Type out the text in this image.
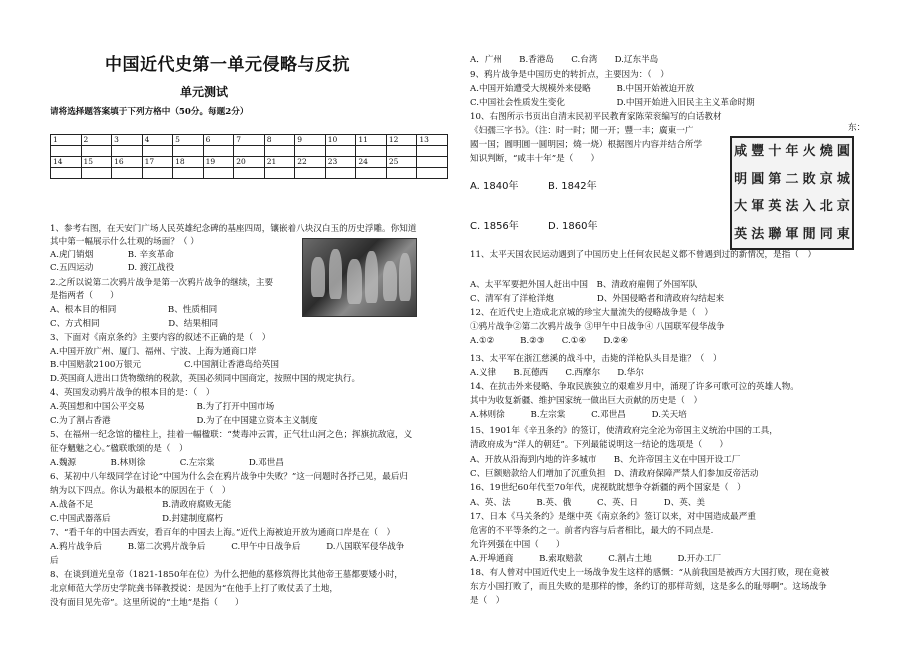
中国近代史第一单元侵略与反抗
单元测试
请将选择题答案填于下列方格中（50分。每题2分）
1	2	3	4	5	6	7	8	9	10	11	12	13

14	15	16	17	18	19	20	21	22	23	24	25	

1、参考右图，在天安门广场人民英雄纪念碑的基座四周，镶嵌着八块汉白玉的历史浮雕。你知道
其中第一幅展示什么壮观的场面？（ ）
A.虎门销烟　　　　B. 辛亥革命
C.五四运动　　　　D. 渡江战役
2.之所以说第二次鸦片战争是第一次鸦片战争的继续，主要
是指两者（　　）
A、根本目的相同　　　　　　B、性质相同
C、方式相同　　　　　　　　D、结果相同
3、下面对《南京条约》主要内容的叙述不正确的是（　）
A.中国开放广州、厦门、福州、宁波、上海为通商口岸
B.中国赔款2100万银元　　　　　C.中国割让香港岛给英国
D.英国商人进出口货物缴纳的税款，英国必须同中国商定，按照中国的规定执行。
4、英国发动鸦片战争的根本目的是：（　）
A.英国想和中国公平交易　　　　　　B.为了打开中国市场
C.为了割占香港　　　　　　　　　　D.为了在中国建立资本主义制度
5、在福州一纪念馆的楹柱上，挂着一幅楹联：“焚毒冲云霄，正气壮山河之色；挥旗抗敌寇，义
征夺魑魅之心。”楹联歌颂的是（　）
A.魏源　　　　B.林则徐　　　　C.左宗棠　　　　D.邓世昌
6、某初中八年级同学在讨论“中国为什么会在鸦片战争中失败？”这一问题时各抒己见，最后归
纳为以下四点。你认为最根本的原因在于（　）
A.战备不足　　　　　　　　B.清政府腐败无能
C.中国武器落后　　　　　　D.封建制度腐朽
7、“看千年的中国去西安，看百年的中国去上海。”近代上海被迫开放为通商口岸是在（　）
A.鸦片战争后　　　B.第二次鸦片战争后　　　C.甲午中日战争后　　　D.八国联军侵华战争
后
8、在谈到道光皇帝（1821-1850年在位）为什么把他的墓修筑得比其他帝王墓都要矮小时，
北京师范大学历史学院龚书铎教授说：是因为“在他手上打了败仗丢了土地，
没有面目见先帝”。这里所说的“土地”是指（　　）
A．广州　　B.香港岛　　C.台湾　　D.辽东半岛
9、鸦片战争是中国历史的转折点，主要因为：（　）
A.中国开始遭受大规模外来侵略　　　B.中国开始被迫开放
C.中国社会性质发生变化　　　　　　D.中国开始进入旧民主主义革命时期
10、右图所示书页出自清末民初平民教育家陈荣衮编写的白话教材
《妇孺三字书》。（注：时一时；閒一开；豐一丰；廣東一广
國一国；圓明圓一圆明园；燒一烧）根据图片内容并结合所学
知识判断，“咸丰十年”是（　　）
11、太平天国农民运动遇到了中国历史上任何农民起义都不曾遇到过的新情况，是指（　）
A、太平军要把外国人赶出中国　B、清政府雇佣了外国军队
C、清军有了洋枪洋炮　　　　　D、外国侵略者和清政府勾结起来
12、在近代史上造成北京城的珍宝大量流失的侵略战争是（　）
①鸦片战争②第二次鸦片战争 ③甲午中日战争④ 八国联军侵华战争
A.①②　　　B.②③　　C.①④　　D.②④
13、太平军在浙江慈溪的战斗中，击毙的洋枪队头目是谁？（　）
A.义律　　B.瓦德西　　C.西摩尔　　D.华尔
14、在抗击外来侵略、争取民族独立的艰难岁月中，涌现了许多可歌可泣的英雄人物。
其中为收复新疆、维护国家统一做出巨大贡献的历史是（　）
A.林则徐　　　B.左宗棠　　　C.邓世昌　　　D.关天培
15、1901年《辛丑条约》的签订，使清政府完全沦为帝国主义统治中国的工具，
清政府成为“洋人的朝廷”。下列最能说明这一结论的选项是（　　）
A、开放从沿海到内地的许多城市　　B、允许帝国主义在中国开设工厂
C、巨额赔款给人们增加了沉重负担　D、清政府保障严禁人们参加反帝活动
16、19世纪60年代至70年代，虎视眈眈想争夺新疆的两个国家是（　）
A、英、法　　　B.英、俄　　　C、英、日　　　D、英、美
17、日本《马关条约》是继中英《南京条约》签订以来，对中国造成最严重
危害的不平等条约之一。前者内容与后者相比，最大的不同点是.
允许列强在中国（　　）
A.开埠通商　　　B.索取赔款　　　C.割占土地　　　D.开办工厂
18、有人曾对中国近代史上一场战争发生这样的感慨：“从前我国是被西方大国打败，现在竟被
东方小国打败了，而且失败的是那样的惨，条约订的那样苛刻，这是多么的耻辱啊”。这场战争
是（　）
咸 豐 十 年 火 燒 圓
明 圓 第 二 敗 京 城
大 軍 英 法 入 北 京
英 法 聯 軍 閒 同 東
A. 1840年	B. 1842年
C. 1856年	D. 1860年
东：
